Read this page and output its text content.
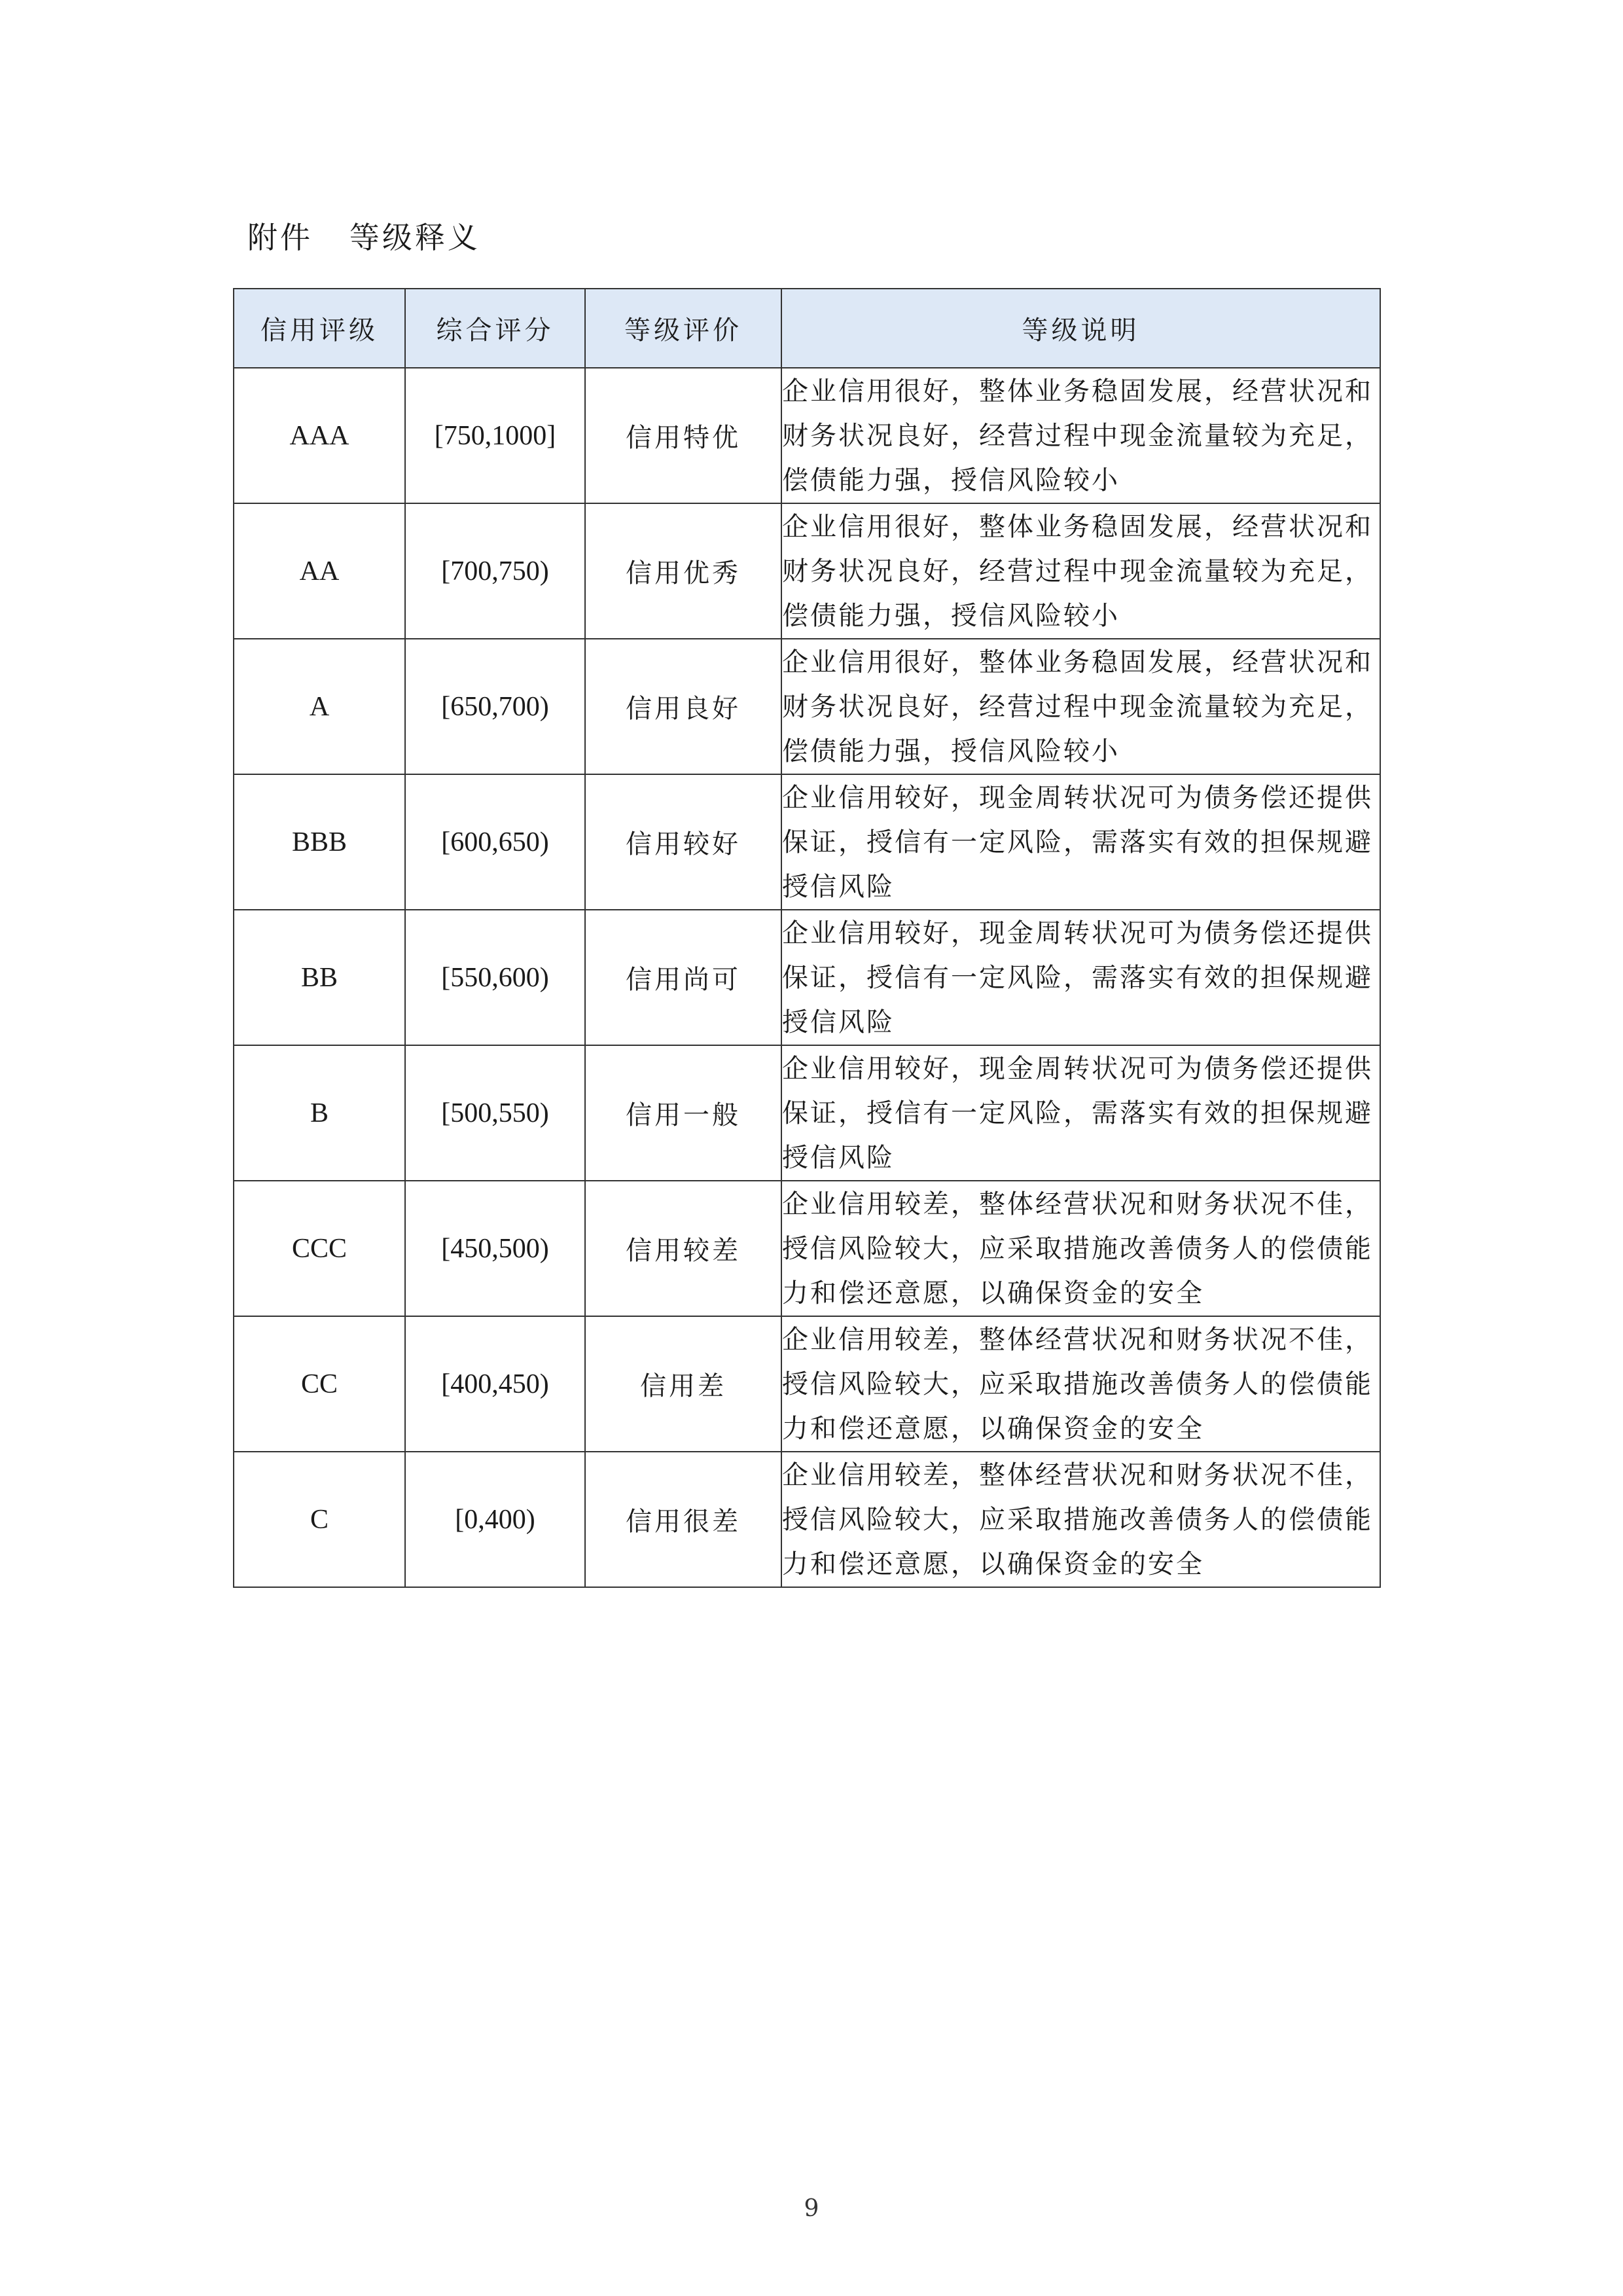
附件   等级释义
信用评级	综合评分	等级评价	等级说明
AAA	[750,1000]	信用特优	企业信用很好，整体业务稳固发展，经营状况和财务状况良好，经营过程中现金流量较为充足，偿债能力强，授信风险较小
AA	[700,750)	信用优秀	企业信用很好，整体业务稳固发展，经营状况和财务状况良好，经营过程中现金流量较为充足，偿债能力强，授信风险较小
A	[650,700)	信用良好	企业信用很好，整体业务稳固发展，经营状况和财务状况良好，经营过程中现金流量较为充足，偿债能力强，授信风险较小
BBB	[600,650)	信用较好	企业信用较好，现金周转状况可为债务偿还提供保证，授信有一定风险，需落实有效的担保规避授信风险
BB	[550,600)	信用尚可	企业信用较好，现金周转状况可为债务偿还提供保证，授信有一定风险，需落实有效的担保规避授信风险
B	[500,550)	信用一般	企业信用较好，现金周转状况可为债务偿还提供保证，授信有一定风险，需落实有效的担保规避授信风险
CCC	[450,500)	信用较差	企业信用较差，整体经营状况和财务状况不佳，授信风险较大，应采取措施改善债务人的偿债能力和偿还意愿，以确保资金的安全
CC	[400,450)	信用差	企业信用较差，整体经营状况和财务状况不佳，授信风险较大，应采取措施改善债务人的偿债能力和偿还意愿，以确保资金的安全
C	[0,400)	信用很差	企业信用较差，整体经营状况和财务状况不佳，授信风险较大，应采取措施改善债务人的偿债能力和偿还意愿，以确保资金的安全
9
